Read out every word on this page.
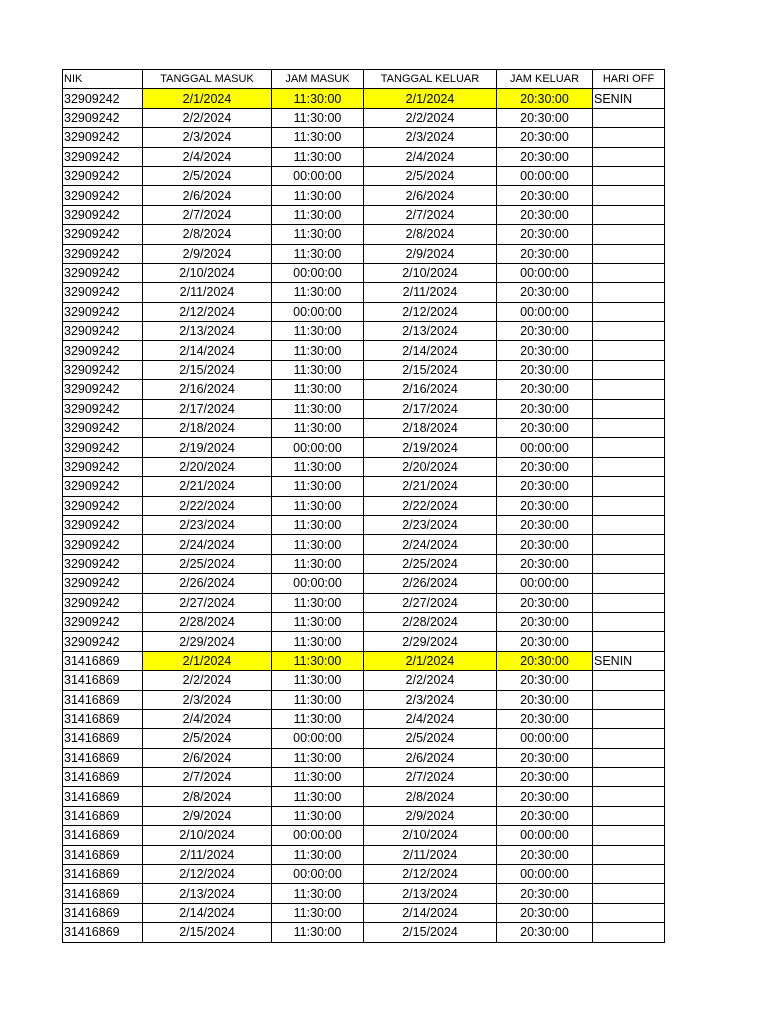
NIK	TANGGAL MASUK	JAM MASUK	TANGGAL KELUAR	JAM KELUAR	HARI OFF
32909242	2/1/2024	11:30:00	2/1/2024	20:30:00	SENIN
32909242	2/2/2024	11:30:00	2/2/2024	20:30:00	
32909242	2/3/2024	11:30:00	2/3/2024	20:30:00	
32909242	2/4/2024	11:30:00	2/4/2024	20:30:00	
32909242	2/5/2024	00:00:00	2/5/2024	00:00:00	
32909242	2/6/2024	11:30:00	2/6/2024	20:30:00	
32909242	2/7/2024	11:30:00	2/7/2024	20:30:00	
32909242	2/8/2024	11:30:00	2/8/2024	20:30:00	
32909242	2/9/2024	11:30:00	2/9/2024	20:30:00	
32909242	2/10/2024	00:00:00	2/10/2024	00:00:00	
32909242	2/11/2024	11:30:00	2/11/2024	20:30:00	
32909242	2/12/2024	00:00:00	2/12/2024	00:00:00	
32909242	2/13/2024	11:30:00	2/13/2024	20:30:00	
32909242	2/14/2024	11:30:00	2/14/2024	20:30:00	
32909242	2/15/2024	11:30:00	2/15/2024	20:30:00	
32909242	2/16/2024	11:30:00	2/16/2024	20:30:00	
32909242	2/17/2024	11:30:00	2/17/2024	20:30:00	
32909242	2/18/2024	11:30:00	2/18/2024	20:30:00	
32909242	2/19/2024	00:00:00	2/19/2024	00:00:00	
32909242	2/20/2024	11:30:00	2/20/2024	20:30:00	
32909242	2/21/2024	11:30:00	2/21/2024	20:30:00	
32909242	2/22/2024	11:30:00	2/22/2024	20:30:00	
32909242	2/23/2024	11:30:00	2/23/2024	20:30:00	
32909242	2/24/2024	11:30:00	2/24/2024	20:30:00	
32909242	2/25/2024	11:30:00	2/25/2024	20:30:00	
32909242	2/26/2024	00:00:00	2/26/2024	00:00:00	
32909242	2/27/2024	11:30:00	2/27/2024	20:30:00	
32909242	2/28/2024	11:30:00	2/28/2024	20:30:00	
32909242	2/29/2024	11:30:00	2/29/2024	20:30:00	
31416869	2/1/2024	11:30:00	2/1/2024	20:30:00	SENIN
31416869	2/2/2024	11:30:00	2/2/2024	20:30:00	
31416869	2/3/2024	11:30:00	2/3/2024	20:30:00	
31416869	2/4/2024	11:30:00	2/4/2024	20:30:00	
31416869	2/5/2024	00:00:00	2/5/2024	00:00:00	
31416869	2/6/2024	11:30:00	2/6/2024	20:30:00	
31416869	2/7/2024	11:30:00	2/7/2024	20:30:00	
31416869	2/8/2024	11:30:00	2/8/2024	20:30:00	
31416869	2/9/2024	11:30:00	2/9/2024	20:30:00	
31416869	2/10/2024	00:00:00	2/10/2024	00:00:00	
31416869	2/11/2024	11:30:00	2/11/2024	20:30:00	
31416869	2/12/2024	00:00:00	2/12/2024	00:00:00	
31416869	2/13/2024	11:30:00	2/13/2024	20:30:00	
31416869	2/14/2024	11:30:00	2/14/2024	20:30:00	
31416869	2/15/2024	11:30:00	2/15/2024	20:30:00	
